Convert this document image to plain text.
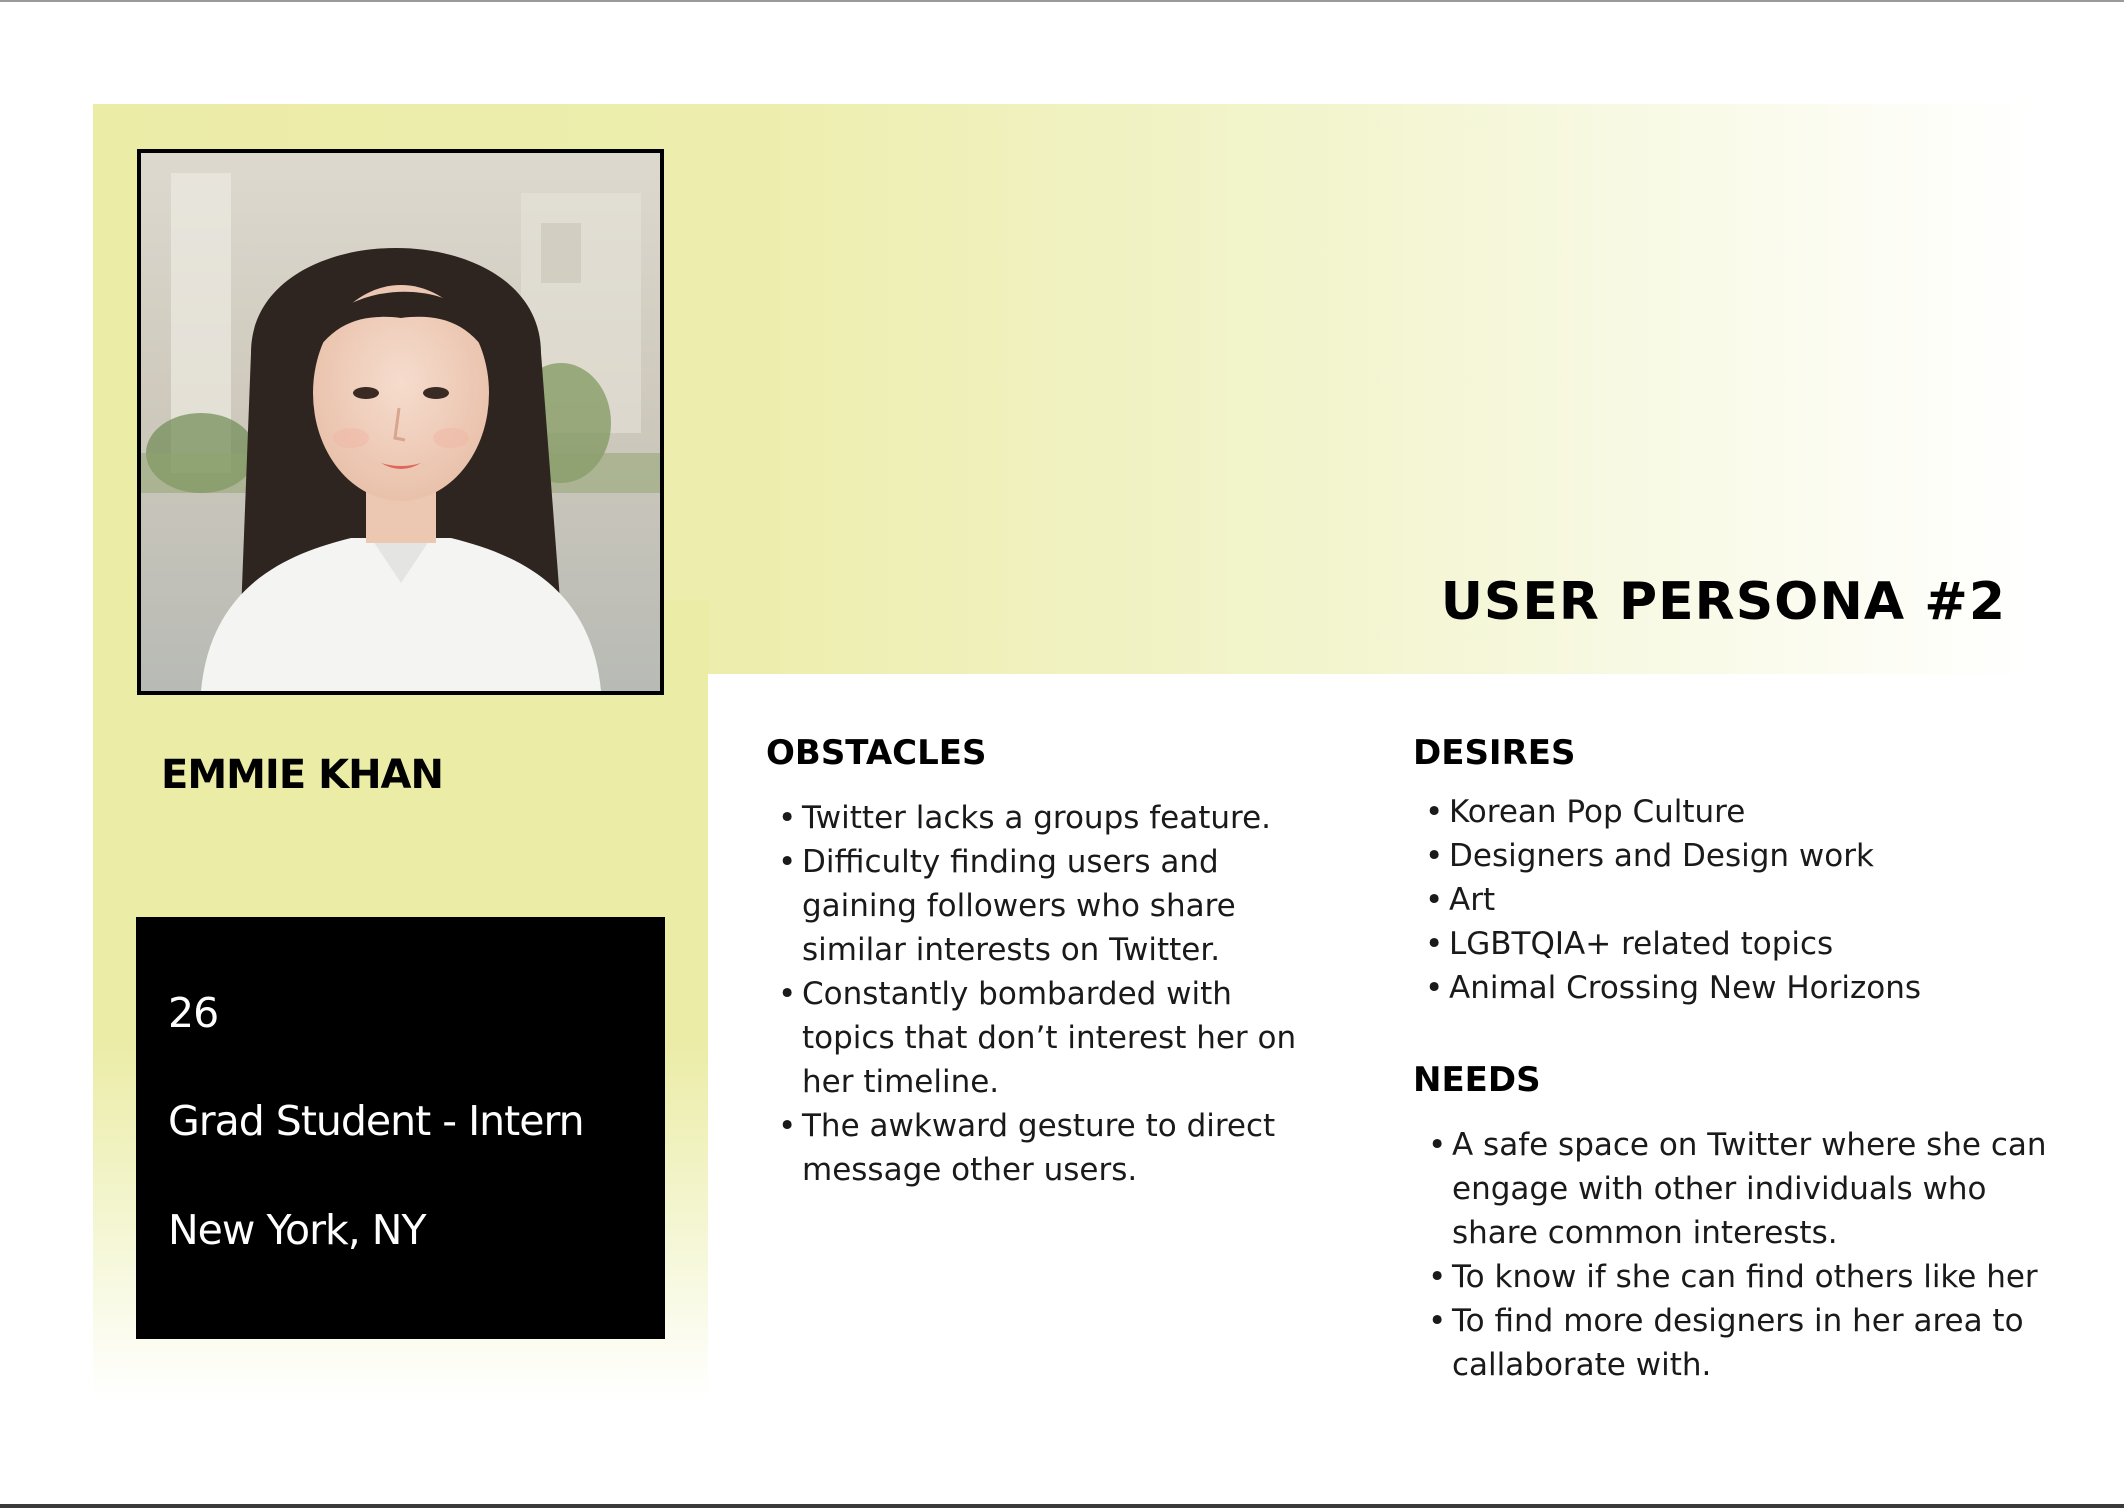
USER PERSONA #2
EMMIE KHAN
26
Grad Student - Intern
New York, NY
OBSTACLES
• Twitter lacks a groups feature.
• Difficulty finding users and gaining followers who share similar interests on Twitter.
• Constantly bombarded with topics that don’t interest her on her timeline.
• The awkward gesture to direct message other users.
DESIRES
• Korean Pop Culture
• Designers and Design work
• Art
• LGBTQIA+ related topics
• Animal Crossing New Horizons
NEEDS
• A safe space on Twitter where she can engage with other individuals who share common interests.
• To know if she can find others like her
• To find more designers in her area to callaborate with.
